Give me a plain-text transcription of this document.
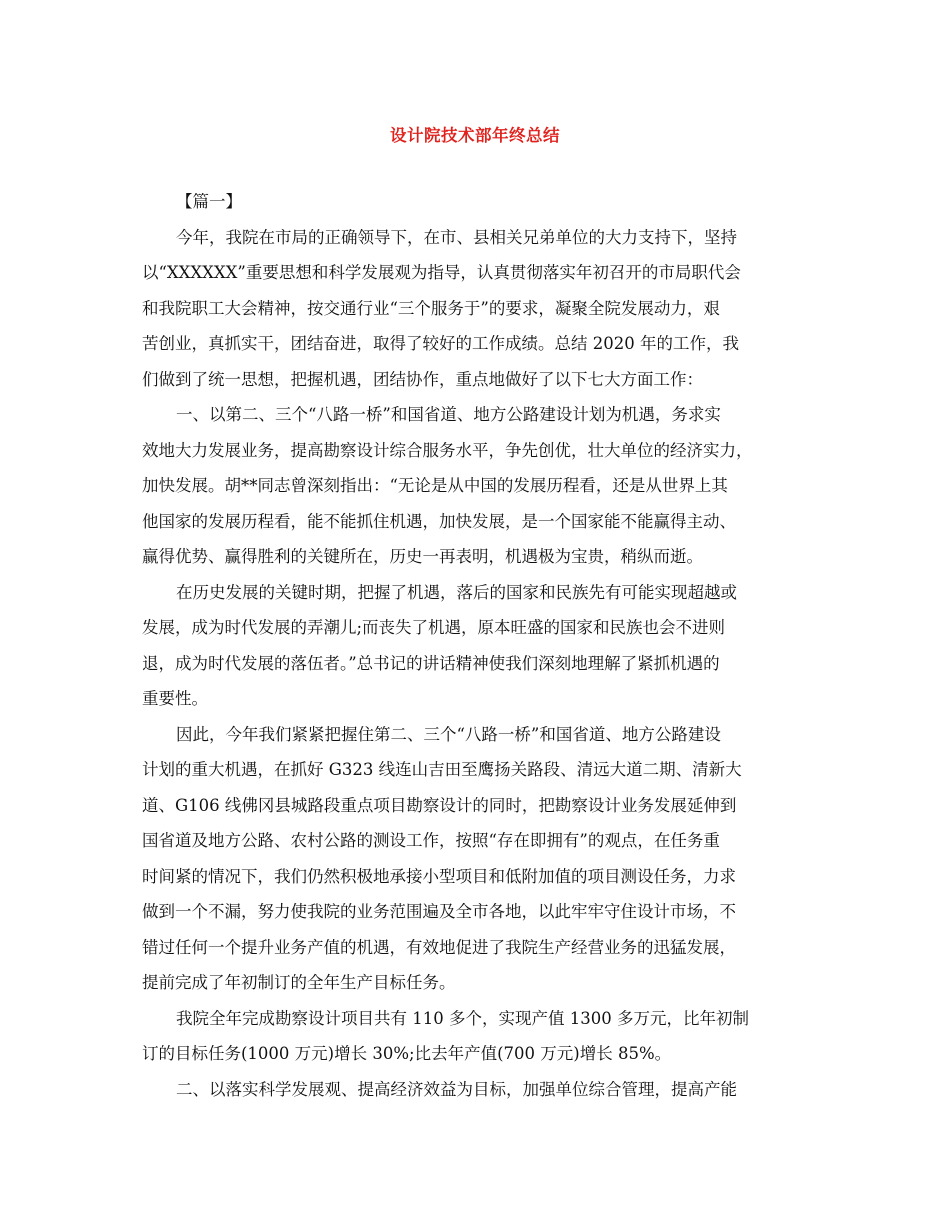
设计院技术部年终总结
【篇一】
今年，我院在市局的正确领导下，在市、县相关兄弟单位的大力支持下，坚持
以“XXXXXX”重要思想和科学发展观为指导，认真贯彻落实年初召开的市局职代会
和我院职工大会精神，按交通行业“三个服务于”的要求，凝聚全院发展动力，艰
苦创业，真抓实干，团结奋进，取得了较好的工作成绩。总结 2020 年的工作，我
们做到了统一思想，把握机遇，团结协作，重点地做好了以下七大方面工作：
一、以第二、三个“八路一桥”和国省道、地方公路建设计划为机遇，务求实
效地大力发展业务，提高勘察设计综合服务水平，争先创优，壮大单位的经济实力，
加快发展。胡**同志曾深刻指出：“无论是从中国的发展历程看，还是从世界上其
他国家的发展历程看，能不能抓住机遇，加快发展，是一个国家能不能赢得主动、
赢得优势、赢得胜利的关键所在，历史一再表明，机遇极为宝贵，稍纵而逝。
在历史发展的关键时期，把握了机遇，落后的国家和民族先有可能实现超越或
发展，成为时代发展的弄潮儿;而丧失了机遇，原本旺盛的国家和民族也会不进则
退，成为时代发展的落伍者。”总书记的讲话精神使我们深刻地理解了紧抓机遇的
重要性。
因此，今年我们紧紧把握住第二、三个“八路一桥”和国省道、地方公路建设
计划的重大机遇，在抓好 G323 线连山吉田至鹰扬关路段、清远大道二期、清新大
道、G106 线佛冈县城路段重点项目勘察设计的同时，把勘察设计业务发展延伸到
国省道及地方公路、农村公路的测设工作，按照“存在即拥有”的观点，在任务重
时间紧的情况下，我们仍然积极地承接小型项目和低附加值的项目测设任务，力求
做到一个不漏，努力使我院的业务范围遍及全市各地，以此牢牢守住设计市场，不
错过任何一个提升业务产值的机遇，有效地促进了我院生产经营业务的迅猛发展，
提前完成了年初制订的全年生产目标任务。
我院全年完成勘察设计项目共有 110 多个，实现产值 1300 多万元，比年初制
订的目标任务(1000 万元)增长 30%;比去年产值(700 万元)增长 85%。
二、以落实科学发展观、提高经济效益为目标，加强单位综合管理，提高产能
